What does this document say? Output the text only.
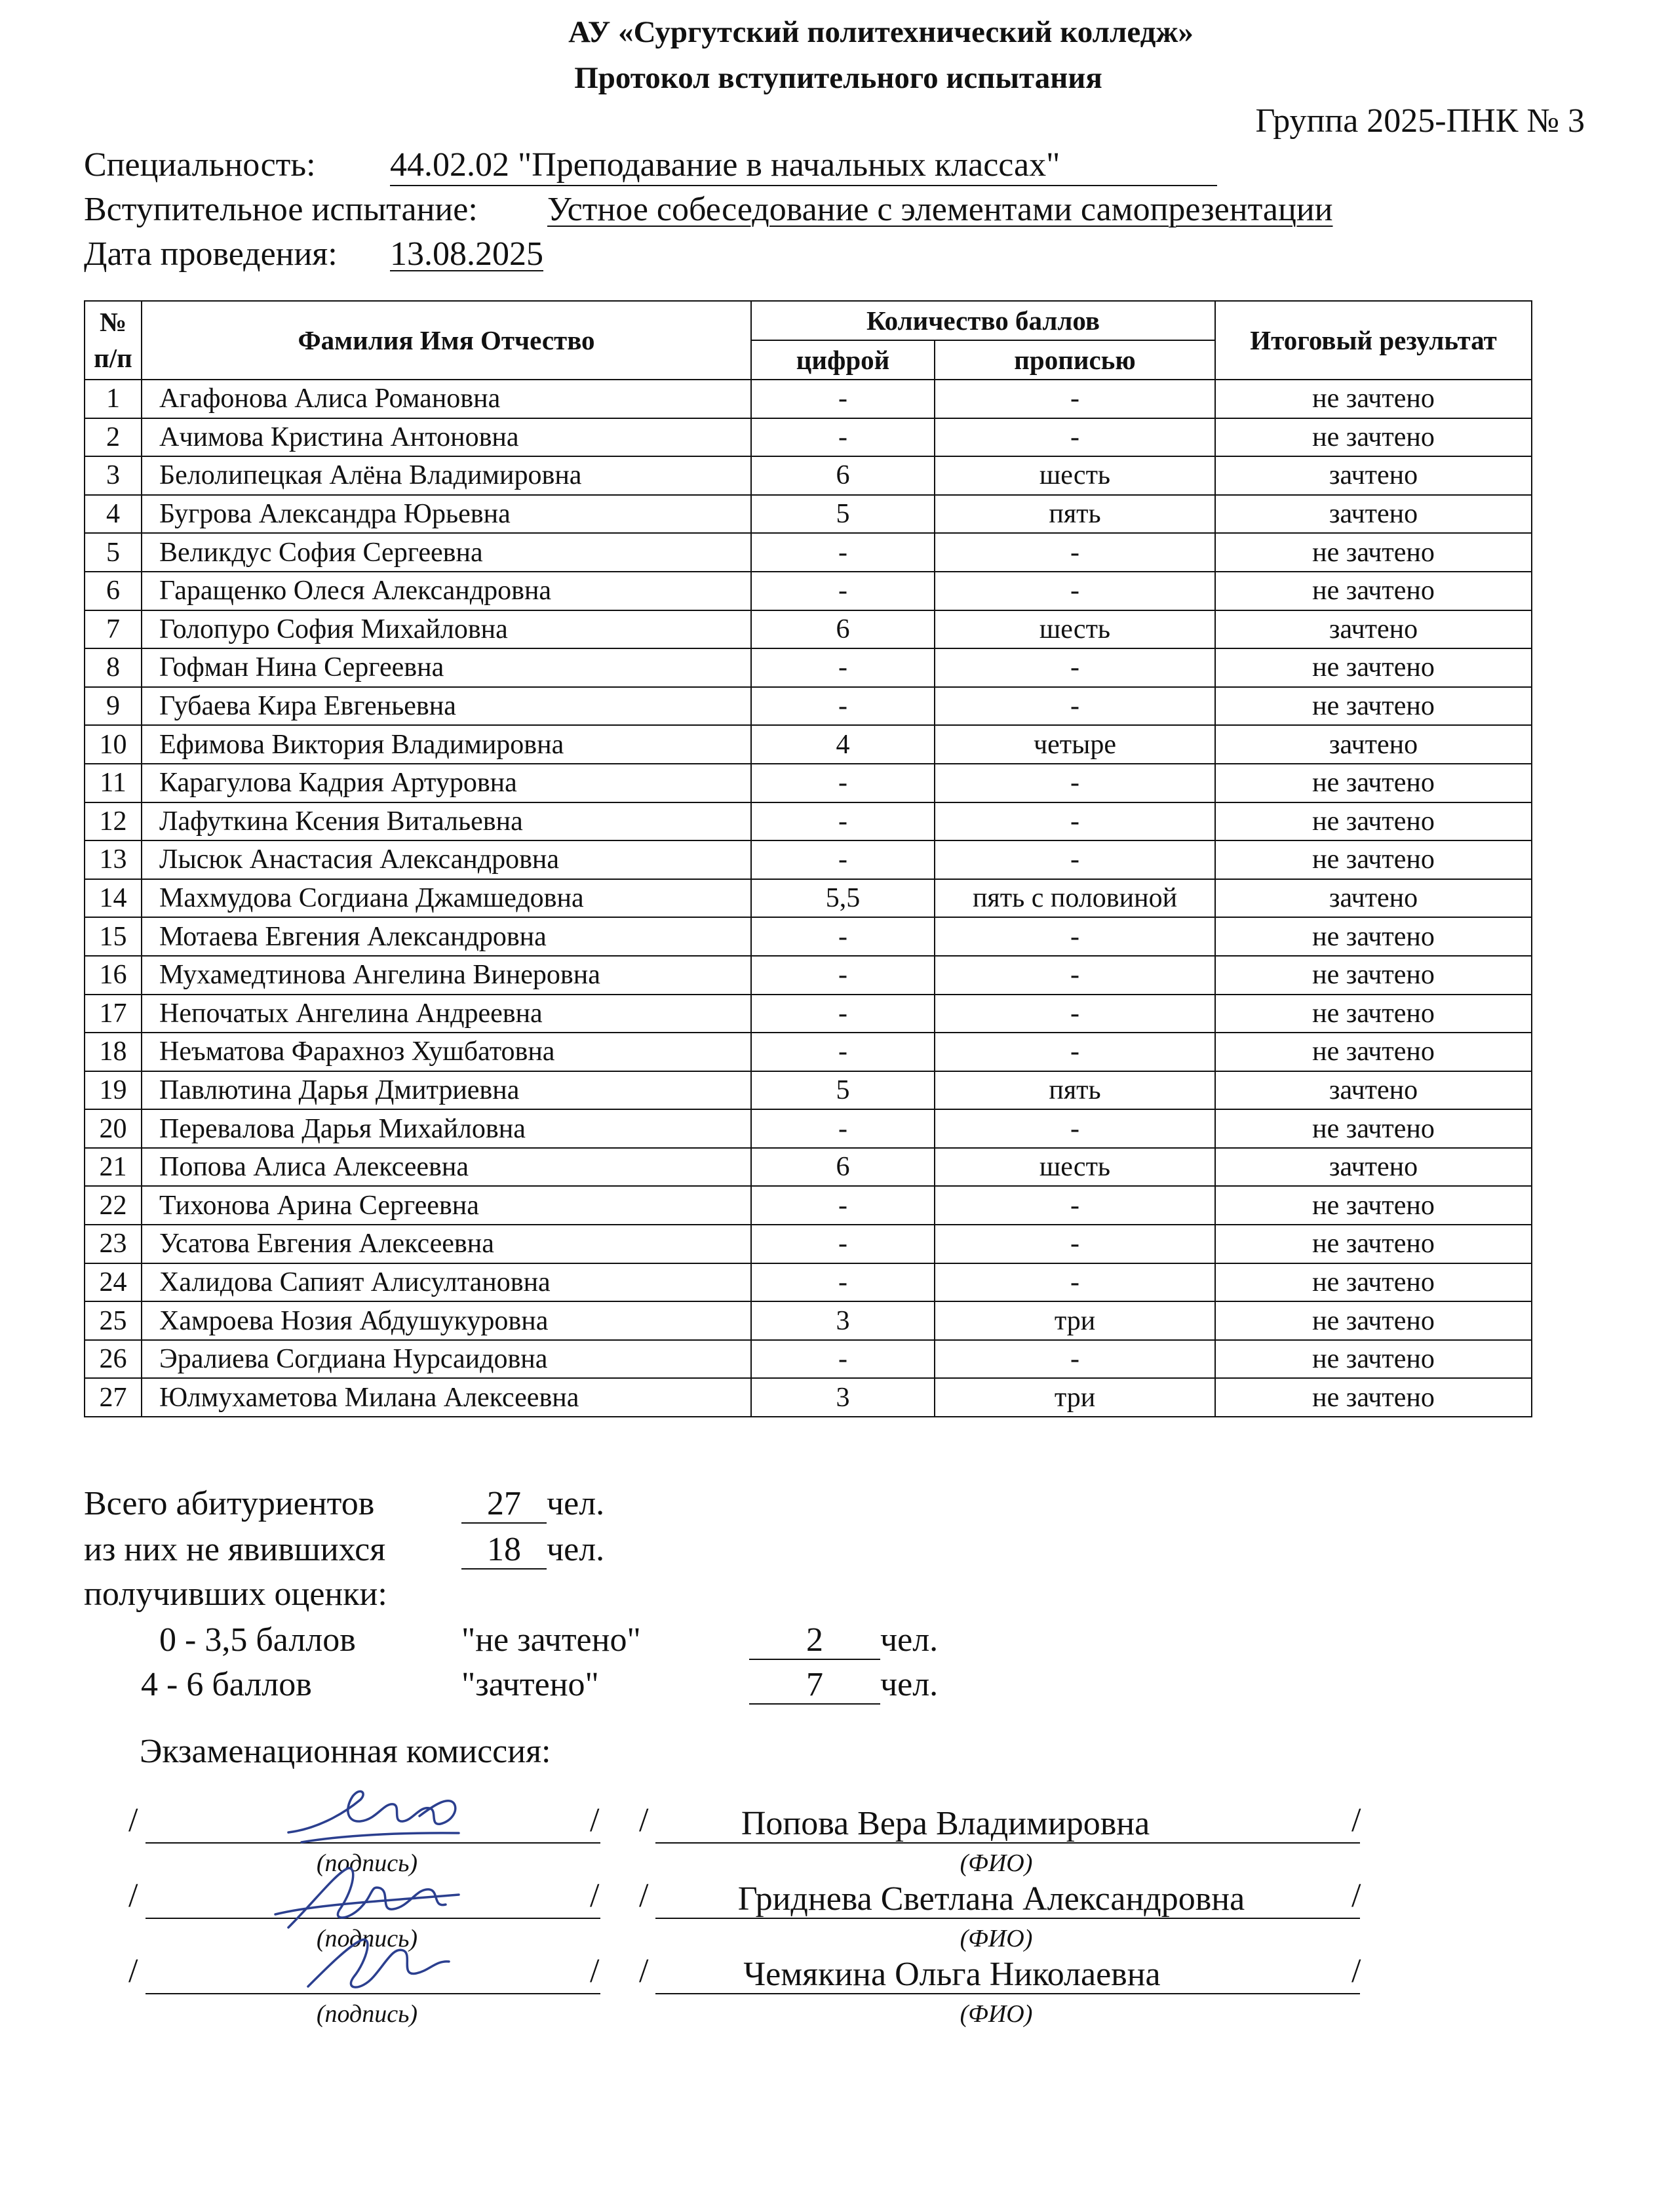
АУ «Сургутский политехнический колледж»
Протокол вступительного испытания
Группа 2025-ПНК № 3
Специальность: 44.02.02 "Преподавание в начальных классах"
Вступительное испытание: Устное собеседование с элементами самопрезентации
Дата проведения: 13.08.2025
№
п/п	Фамилия Имя Отчество	Количество баллов		Итоговый результат
		цифрой	прописью	
1	Агафонова Алиса Романовна	-	-	не зачтено
2	Ачимова Кристина Антоновна	-	-	не зачтено
3	Белолипецкая Алёна Владимировна	6	шесть	зачтено
4	Бугрова Александра Юрьевна	5	пять	зачтено
5	Великдус София Сергеевна	-	-	не зачтено
6	Гаращенко Олеся Александровна	-	-	не зачтено
7	Голопуро София Михайловна	6	шесть	зачтено
8	Гофман Нина Сергеевна	-	-	не зачтено
9	Губаева Кира Евгеньевна	-	-	не зачтено
10	Ефимова Виктория Владимировна	4	четыре	зачтено
11	Карагулова Кадрия Артуровна	-	-	не зачтено
12	Лафуткина Ксения Витальевна	-	-	не зачтено
13	Лысюк Анастасия Александровна	-	-	не зачтено
14	Махмудова Согдиана Джамшедовна	5,5	пять с половиной	зачтено
15	Мотаева Евгения Александровна	-	-	не зачтено
16	Мухамедтинова Ангелина Винеровна	-	-	не зачтено
17	Непочатых Ангелина Андреевна	-	-	не зачтено
18	Неъматова Фарахноз Хушбатовна	-	-	не зачтено
19	Павлютина Дарья Дмитриевна	5	пять	зачтено
20	Перевалова Дарья Михайловна	-	-	не зачтено
21	Попова Алиса Алексеевна	6	шесть	зачтено
22	Тихонова Арина Сергеевна	-	-	не зачтено
23	Усатова Евгения Алексеевна	-	-	не зачтено
24	Халидова Сапият Алисултановна	-	-	не зачтено
25	Хамроева Нозия Абдушукуровна	3	три	не зачтено
26	Эралиева Согдиана Нурсаидовна	-	-	не зачтено
27	Юлмухаметова Милана Алексеевна	3	три	не зачтено
Всего абитуриентов	27 чел.
из них не явившихся	18 чел.
получивших оценки:
0 - 3,5 баллов	"не зачтено"	2 чел.
4 - 6 баллов	"зачтено"	7 чел.
Экзаменационная комиссия:
/	/ /	Попова Вера Владимировна	/
(подпись)	(ФИО)
/	/ /	Гриднева Светлана Александровна	/
(подпись)	(ФИО)
/	/ /	Чемякина Ольга Николаевна	/
(подпись)	(ФИО)
